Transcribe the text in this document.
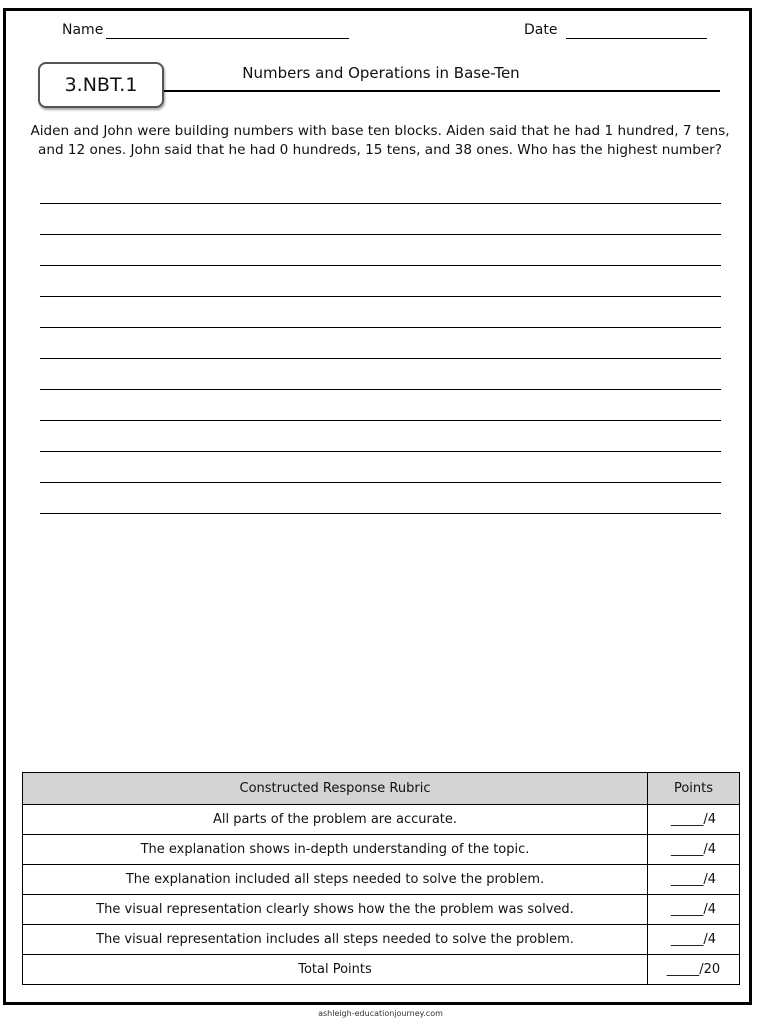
Name	Date
3.NBT.1
Numbers and Operations in Base-Ten
Aiden and John were building numbers with base ten blocks. Aiden said that he had 1 hundred, 7 tens, and 12 ones. John said that he had 0 hundreds, 15 tens, and 38 ones. Who has the highest number?
Constructed Response Rubric	Points
All parts of the problem are accurate.	_____/4
The explanation shows in-depth understanding of the topic.	_____/4
The explanation included all steps needed to solve the problem.	_____/4
The visual representation clearly shows how the the problem was solved.	_____/4
The visual representation includes all steps needed to solve the problem.	_____/4
Total Points	_____/20
ashleigh-educationjourney.com
